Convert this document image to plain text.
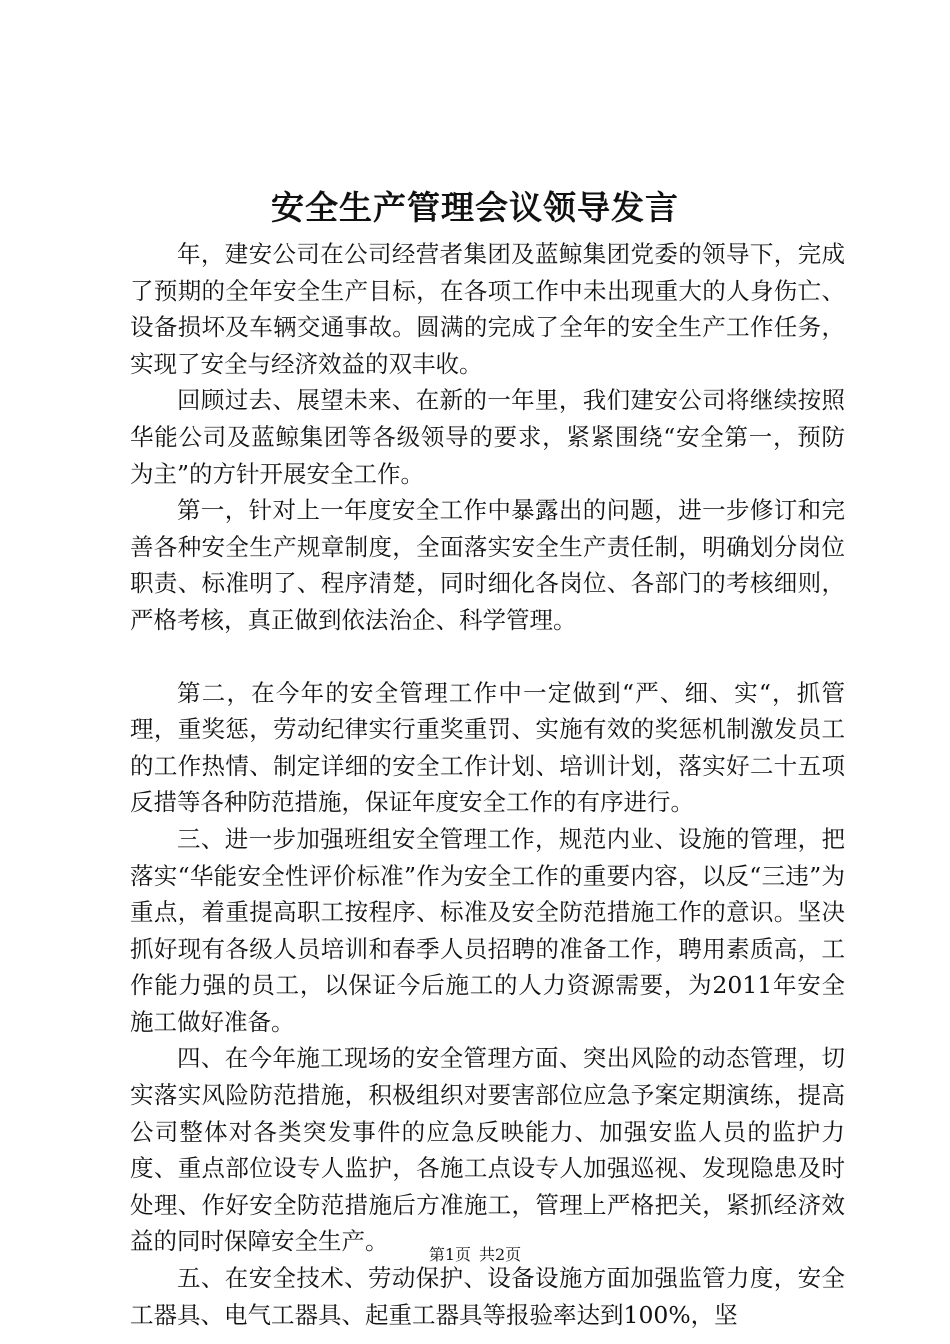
安全生产管理会议领导发言

年，建安公司在公司经营者集团及蓝鲸集团党委的领导下，完成了预期的全年安全生产目标，在各项工作中未出现重大的人身伤亡、设备损坏及车辆交通事故。圆满的完成了全年的安全生产工作任务，实现了安全与经济效益的双丰收。

回顾过去、展望未来、在新的一年里，我们建安公司将继续按照华能公司及蓝鲸集团等各级领导的要求，紧紧围绕“安全第一，预防为主”的方针开展安全工作。

第一，针对上一年度安全工作中暴露出的问题，进一步修订和完善各种安全生产规章制度，全面落实安全生产责任制，明确划分岗位职责、标准明了、程序清楚，同时细化各岗位、各部门的考核细则，严格考核，真正做到依法治企、科学管理。

第二，在今年的安全管理工作中一定做到“严、细、实“，抓管理，重奖惩，劳动纪律实行重奖重罚、实施有效的奖惩机制激发员工的工作热情、制定详细的安全工作计划、培训计划，落实好二十五项反措等各种防范措施，保证年度安全工作的有序进行。

三、进一步加强班组安全管理工作，规范内业、设施的管理，把落实“华能安全性评价标准”作为安全工作的重要内容，以反“三违”为重点，着重提高职工按程序、标准及安全防范措施工作的意识。坚决抓好现有各级人员培训和春季人员招聘的准备工作，聘用素质高，工作能力强的员工，以保证今后施工的人力资源需要，为2011年安全施工做好准备。

四、在今年施工现场的安全管理方面、突出风险的动态管理，切实落实风险防范措施，积极组织对要害部位应急予案定期演练，提高公司整体对各类突发事件的应急反映能力、加强安监人员的监护力度、重点部位设专人监护，各施工点设专人加强巡视、发现隐患及时处理、作好安全防范措施后方准施工，管理上严格把关，紧抓经济效益的同时保障安全生产。

五、在安全技术、劳动保护、设备设施方面加强监管力度，安全工器具、电气工器具、起重工器具等报验率达到100%，坚

第1页 共2页
